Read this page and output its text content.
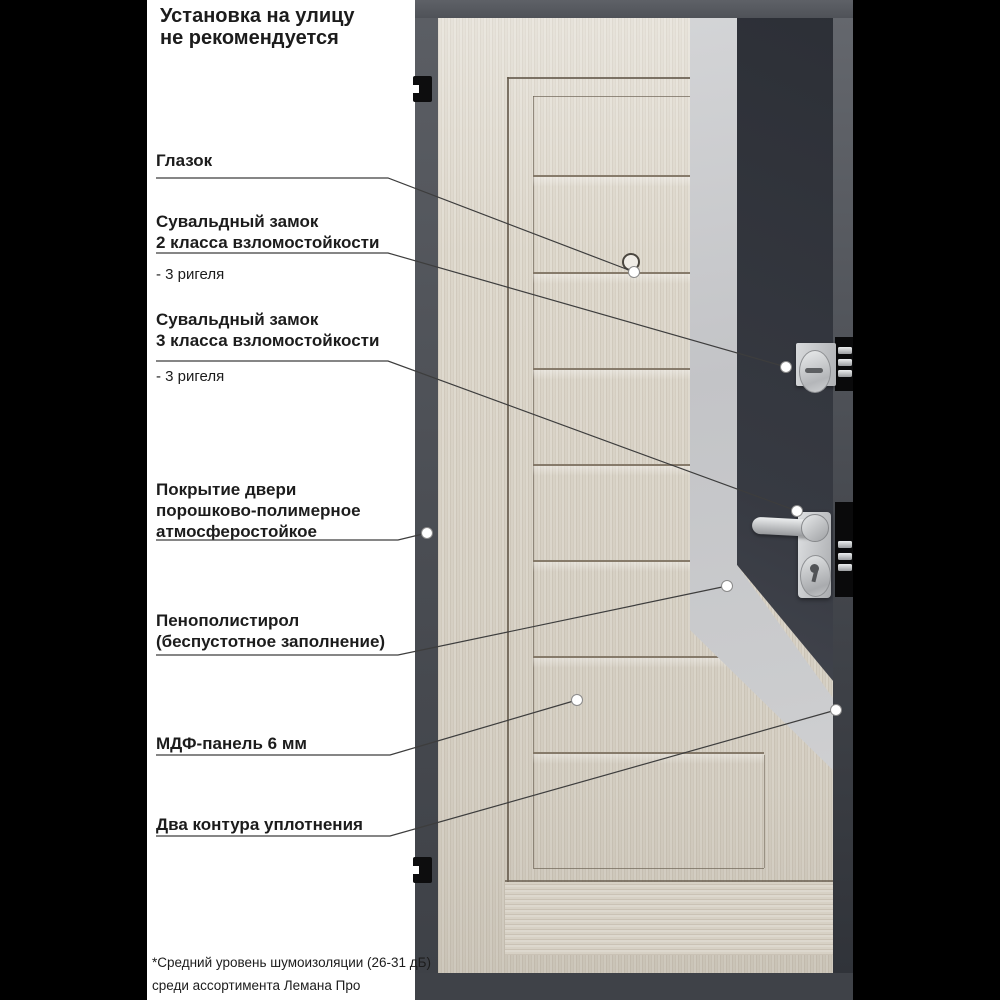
Установка на улицу
не рекомендуется
Глазок
Сувальдный замок
2 класса взломостойкости
- 3 ригеля
Сувальдный замок
3 класса взломостойкости
- 3 ригеля
Покрытие двери
порошково-полимерное
атмосферостойкое
Пенополистирол
(беспустотное заполнение)
МДФ-панель 6 мм
Два контура уплотнения
*Средний уровень шумоизоляции (26-31 дБ)
среди ассортимента Лемана Про
